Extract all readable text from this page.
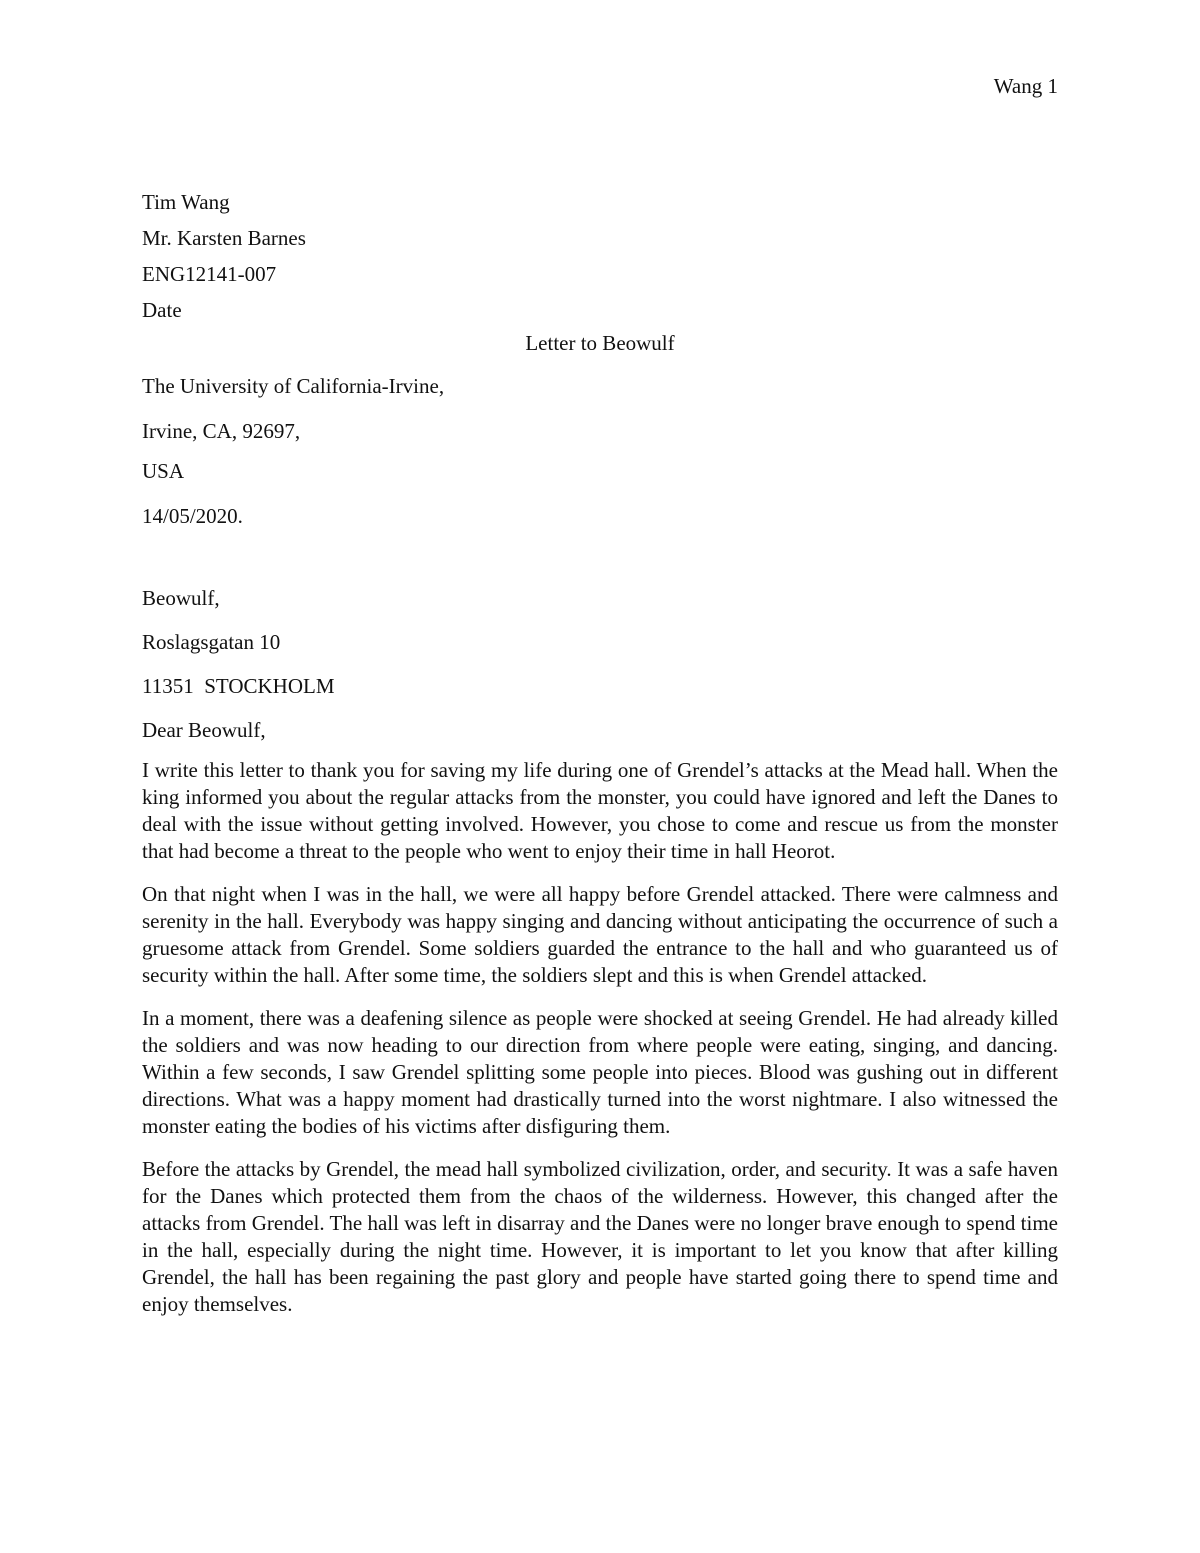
Wang 1
Tim Wang
Mr. Karsten Barnes
ENG12141-007
Date
Letter to Beowulf
The University of California-Irvine,
Irvine, CA, 92697,
USA
14/05/2020.
Beowulf,
Roslagsgatan 10
11351  STOCKHOLM
Dear Beowulf,

I write this letter to thank you for saving my life during one of Grendel’s attacks at the Mead hall. When the king informed you about the regular attacks from the monster, you could have ignored and left the Danes to deal with the issue without getting involved. However, you chose to come and rescue us from the monster that had become a threat to the people who went to enjoy their time in hall Heorot.

On that night when I was in the hall, we were all happy before Grendel attacked. There were calmness and serenity in the hall. Everybody was happy singing and dancing without anticipating the occurrence of such a gruesome attack from Grendel. Some soldiers guarded the entrance to the hall and who guaranteed us of security within the hall. After some time, the soldiers slept and this is when Grendel attacked.

In a moment, there was a deafening silence as people were shocked at seeing Grendel. He had already killed the soldiers and was now heading to our direction from where people were eating, singing, and dancing. Within a few seconds, I saw Grendel splitting some people into pieces. Blood was gushing out in different directions. What was a happy moment had drastically turned into the worst nightmare. I also witnessed the monster eating the bodies of his victims after disfiguring them.

Before the attacks by Grendel, the mead hall symbolized civilization, order, and security. It was a safe haven for the Danes which protected them from the chaos of the wilderness. However, this changed after the attacks from Grendel. The hall was left in disarray and the Danes were no longer brave enough to spend time in the hall, especially during the night time. However, it is important to let you know that after killing Grendel, the hall has been regaining the past glory and people have started going there to spend time and enjoy themselves.
